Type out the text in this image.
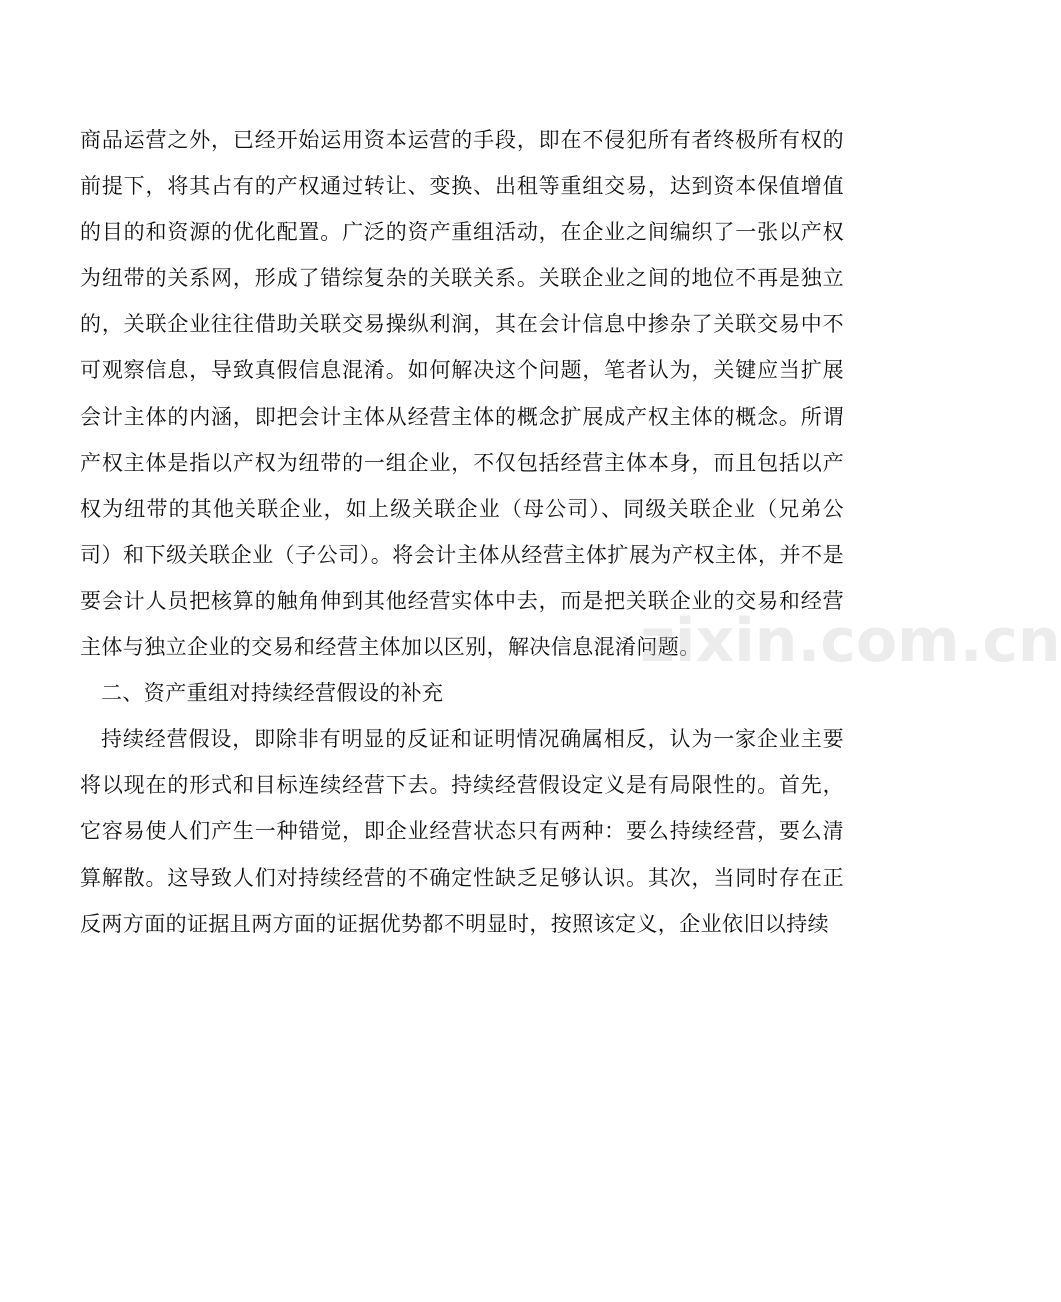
商品运营之外，已经开始运用资本运营的手段，即在不侵犯所有者终极所有权的前提下，将其占有的产权通过转让、变换、出租等重组交易，达到资本保值增值的目的和资源的优化配置。广泛的资产重组活动，在企业之间编织了一张以产权为纽带的关系网，形成了错综复杂的关联关系。关联企业之间的地位不再是独立的，关联企业往往借助关联交易操纵利润，其在会计信息中掺杂了关联交易中不可观察信息，导致真假信息混淆。如何解决这个问题，笔者认为，关键应当扩展会计主体的内涵，即把会计主体从经营主体的概念扩展成产权主体的概念。所谓产权主体是指以产权为纽带的一组企业，不仅包括经营主体本身，而且包括以产权为纽带的其他关联企业，如上级关联企业（母公司）、同级关联企业（兄弟公司）和下级关联企业（子公司）。将会计主体从经营主体扩展为产权主体，并不是要会计人员把核算的触角伸到其他经营实体中去，而是把关联企业的交易和经营主体与独立企业的交易和经营主体加以区别，解决信息混淆问题。

二、资产重组对持续经营假设的补充

持续经营假设，即除非有明显的反证和证明情况确属相反，认为一家企业主要将以现在的形式和目标连续经营下去。持续经营假设定义是有局限性的。首先，它容易使人们产生一种错觉，即企业经营状态只有两种：要么持续经营，要么清算解散。这导致人们对持续经营的不确定性缺乏足够认识。其次，当同时存在正反两方面的证据且两方面的证据优势都不明显时，按照该定义，企业依旧以持续

zixin.com.cn
